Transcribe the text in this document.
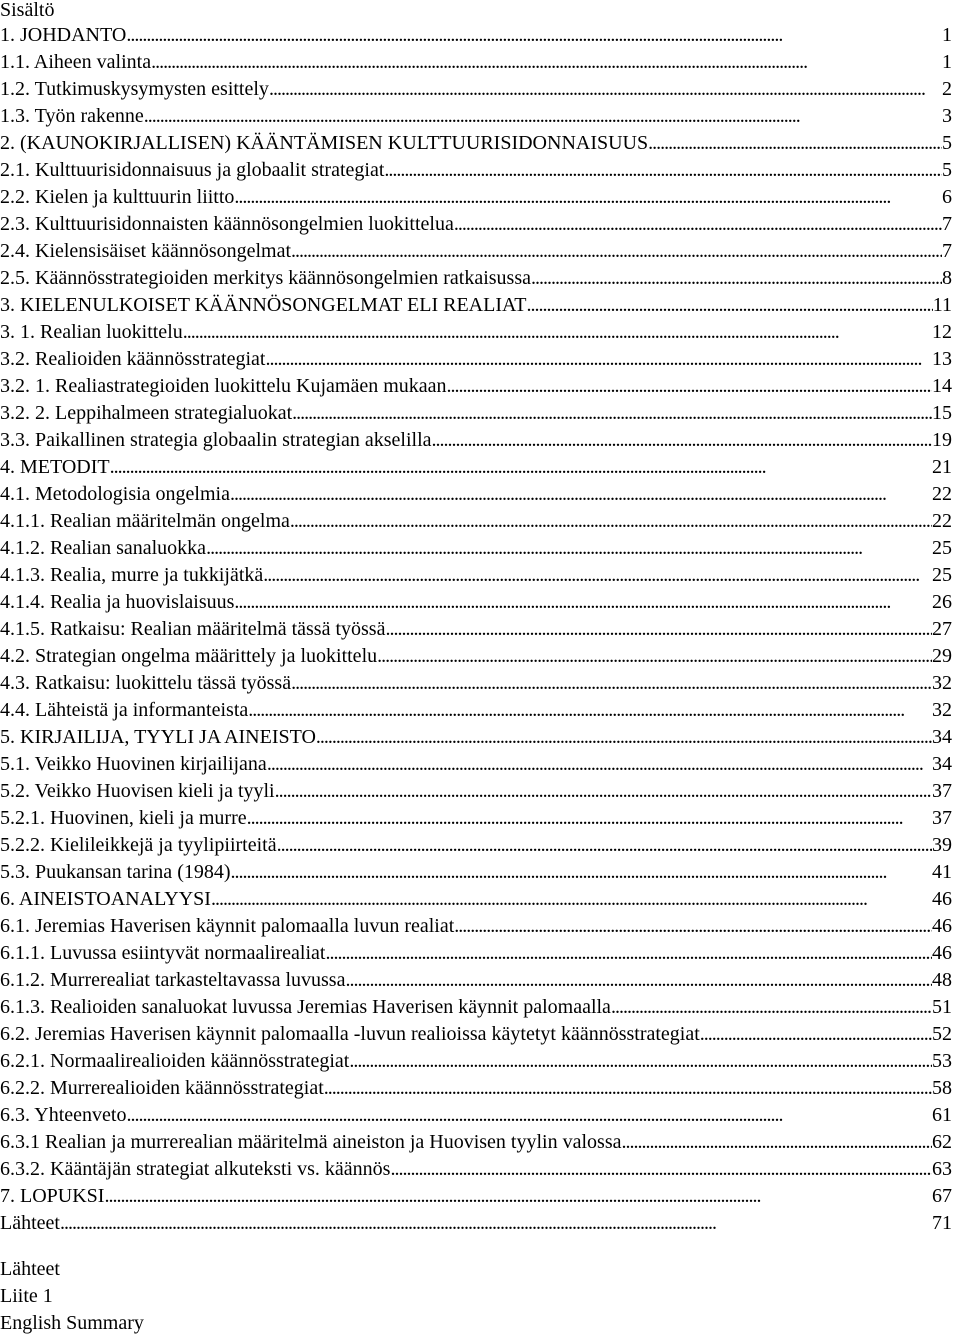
Sisältö
1. JOHDANTO . . .	1
1.1. Aiheen valinta . . .	1
1.2. Tutkimuskysymysten esittely . . .	2
1.3. Työn rakenne . . .	3
2. (KAUNOKIRJALLISEN) KÄÄNTÄMISEN KULTTUURISIDONNAISUUS . . .	5
2.1. Kulttuurisidonnaisuus ja globaalit strategiat . . .	5
2.2. Kielen ja kulttuurin liitto . . .	6
2.3. Kulttuurisidonnaisten käännösongelmien luokittelua . . .	7
2.4. Kielensisäiset käännösongelmat . . .	7
2.5. Käännösstrategioiden merkitys käännösongelmien ratkaisussa . . .	8
3. KIELENULKOISET KÄÄNNÖSONGELMAT ELI REALIAT . . .	11
3. 1. Realian luokittelu . . .	12
3.2. Realioiden käännösstrategiat . . .	13
3.2. 1. Realiastrategioiden luokittelu Kujamäen mukaan . . .	14
3.2. 2. Leppihalmeen strategialuokat . . .	15
3.3. Paikallinen strategia globaalin strategian akselilla . . .	19
4. METODIT . . .	21
4.1. Metodologisia ongelmia . . .	22
4.1.1. Realian määritelmän ongelma . . .	22
4.1.2. Realian sanaluokka . . .	25
4.1.3. Realia, murre ja tukkijätkä . . .	25
4.1.4. Realia ja huovislaisuus . . .	26
4.1.5. Ratkaisu: Realian määritelmä tässä työssä . . .	27
4.2. Strategian ongelma määrittely ja luokittelu . . .	29
4.3. Ratkaisu: luokittelu tässä työssä . . .	32
4.4. Lähteistä ja informanteista . . .	32
5. KIRJAILIJA, TYYLI JA AINEISTO . . .	34
5.1. Veikko Huovinen kirjailijana . . .	34
5.2. Veikko Huovisen kieli ja tyyli . . .	37
5.2.1. Huovinen, kieli ja murre . . .	37
5.2.2. Kielileikkejä ja tyylipiirteitä . . .	39
5.3. Puukansan tarina (1984) . . .	41
6. AINEISTOANALYYSI . . .	46
6.1. Jeremias Haverisen käynnit palomaalla luvun realiat . . .	46
6.1.1. Luvussa esiintyvät normaalirealiat . . .	46
6.1.2. Murrerealiat tarkasteltavassa luvussa . . .	48
6.1.3. Realioiden sanaluokat luvussa Jeremias Haverisen käynnit palomaalla . . .	51
6.2. Jeremias Haverisen käynnit palomaalla -luvun realioissa käytetyt käännösstrategiat . . .	52
6.2.1. Normaalirealioiden käännösstrategiat . . .	53
6.2.2. Murrerealioiden käännösstrategiat . . .	58
6.3. Yhteenveto . . .	61
6.3.1 Realian ja murrerealian määritelmä aineiston ja Huovisen tyylin valossa . . .	62
6.3.2. Kääntäjän strategiat alkuteksti vs. käännös . . .	63
7. LOPUKSI . . .	67
Lähteet . . .	71
Lähteet
Liite 1
English Summary
